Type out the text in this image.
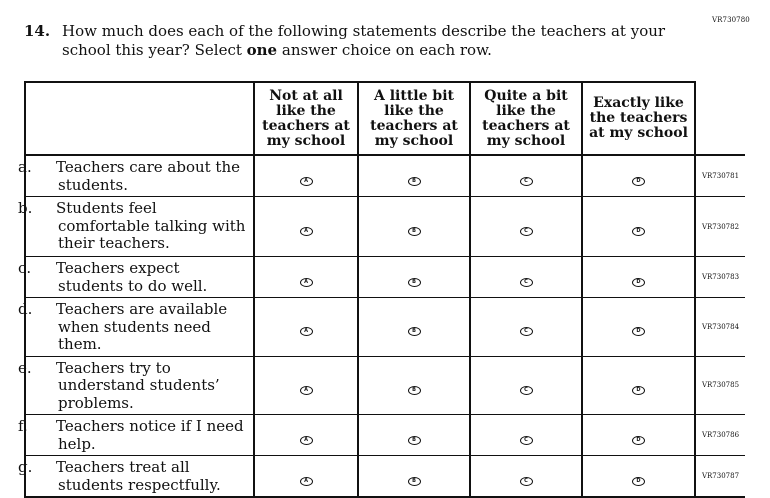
VR730780
14. How much does each of the following statements describe the teachers at your school this year? Select one answer choice on each row.
	Not at all like the teachers at my school	A little bit like the teachers at my school	Quite a bit like the teachers at my school	Exactly like the teachers at my school	

a. Teachers care about the students.	A	B	C	D	VR730781

b. Students feel comfortable talking with their teachers.	A	B	C	D	VR730782

c. Teachers expect students to do well.	A	B	C	D	VR730783

d. Teachers are available when students need them.	A	B	C	D	VR730784

e. Teachers try to understand students’ problems.	A	B	C	D	VR730785

f. Teachers notice if I need help.	A	B	C	D	VR730786

g. Teachers treat all students respectfully.	A	B	C	D	VR730787
